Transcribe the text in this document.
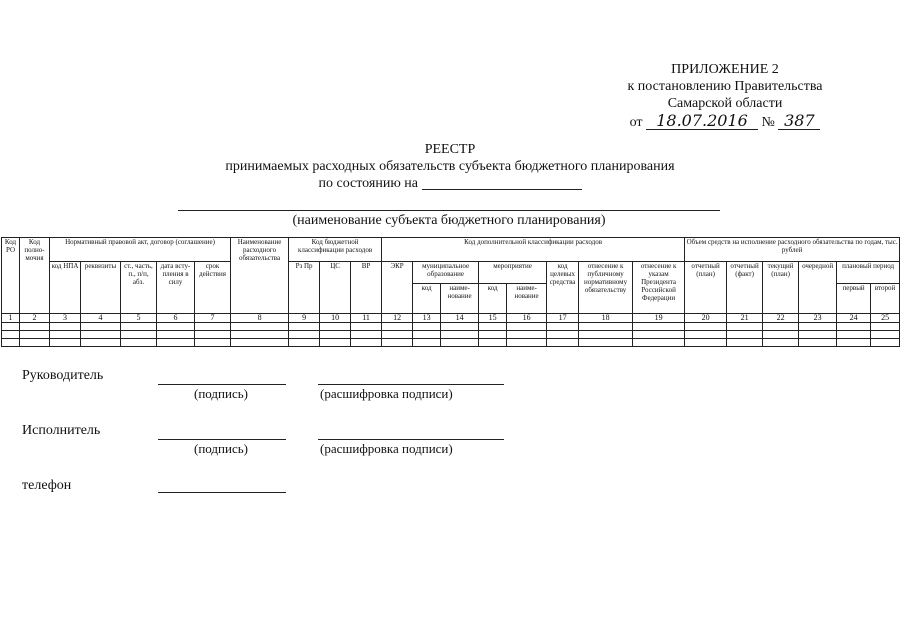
ПРИЛОЖЕНИЕ 2
к постановлению Правительства
Самарской области
от 18.07.2016 № 387
РЕЕСТР
принимаемых расходных обязательств субъекта бюджетного планирования
по состоянию на
(наименование субъекта бюджетного планирования)
Код РО	Код полно-мочия	Нормативный правовой акт, договор (соглашение)					Наименование расходного обязательства	Код бюджетной классификации расходов			Код дополнительной классификации расходов								Объем средств на исполнение расходного обязательства по годам, тыс. рублей					
		код НПА	реквизиты	ст., часть, п., п/п, абз.	дата всту-пления в силу	срок действия		Рз Пр	ЦС	ВР	ЭКР	муниципальное образование		мероприятие		код целевых средства	отнесение к публичному нормативному обязательству	отнесение к указам Президента Российской Федерации	отчетный (план)	отчетный (факт)	текущий (план)	очередной	плановый период	
												код	наиме-нование	код	наиме-нование								первый	второй
1	2	3	4	5	6	7	8	9	10	11	12	13	14	15	16	17	18	19	20	21	22	23	24	25

Руководитель
(подпись)	(расшифровка подписи)
Исполнитель
(подпись)	(расшифровка подписи)
телефон
